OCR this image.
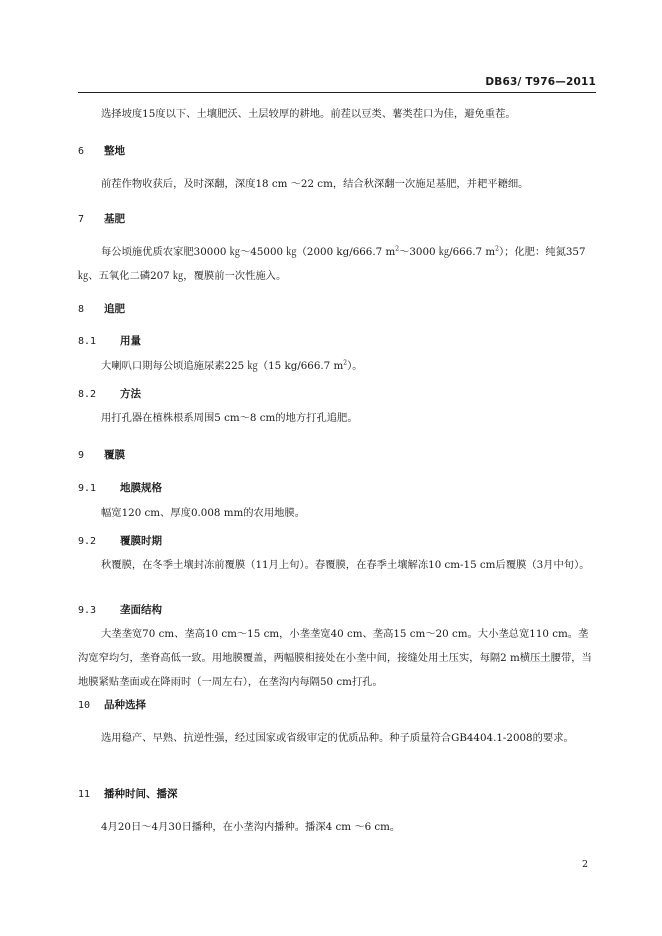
DB63/ T976—2011
选择坡度15度以下、土壤肥沃、土层较厚的耕地。前茬以豆类、薯类茬口为佳，避免重茬。
6 整地
前茬作物收获后，及时深翻，深度18 cm ～22 cm，结合秋深翻一次施足基肥，并耙平耱细。
7 基肥
每公顷施优质农家肥30000 ㎏～45000 ㎏（2000 kg/666.7 $m^2\sim 3000$ ㎏/666.7 $m^2$）；化肥：纯氮357 ㎏、五氧化二磷207 ㎏，覆膜前一次性施入。
8 追肥
8.1 用量
大喇叭口期每公顷追施尿素225 ㎏（15 kg/666.7 $m^2$）。
8.2 方法
用打孔器在植株根系周围5 cm～8 cm的地方打孔追肥。
9 覆膜
9.1 地膜规格
幅宽120 cm、厚度0.008 mm的农用地膜。
9.2 覆膜时期
秋覆膜，在冬季土壤封冻前覆膜（11月上旬）。春覆膜，在春季土壤解冻10 cm-15 cm后覆膜（3月中旬）。
9.3 垄面结构
大垄垄宽70 cm、垄高10 cm～15 cm，小垄垄宽40 cm、垄高15 cm～20 cm。大小垄总宽110 cm。垄沟宽窄均匀，垄脊高低一致。用地膜覆盖，两幅膜相接处在小垄中间，接缝处用土压实，每隔2 m横压土腰带，当地膜紧贴垄面或在降雨时（一周左右），在垄沟内每隔50 cm打孔。
10 品种选择
选用稳产、早熟、抗逆性强，经过国家或省级审定的优质品种。种子质量符合GB4404.1-2008的要求。
11 播种时间、播深
4月20日～4月30日播种，在小垄沟内播种。播深4 cm ～6 cm。
2
